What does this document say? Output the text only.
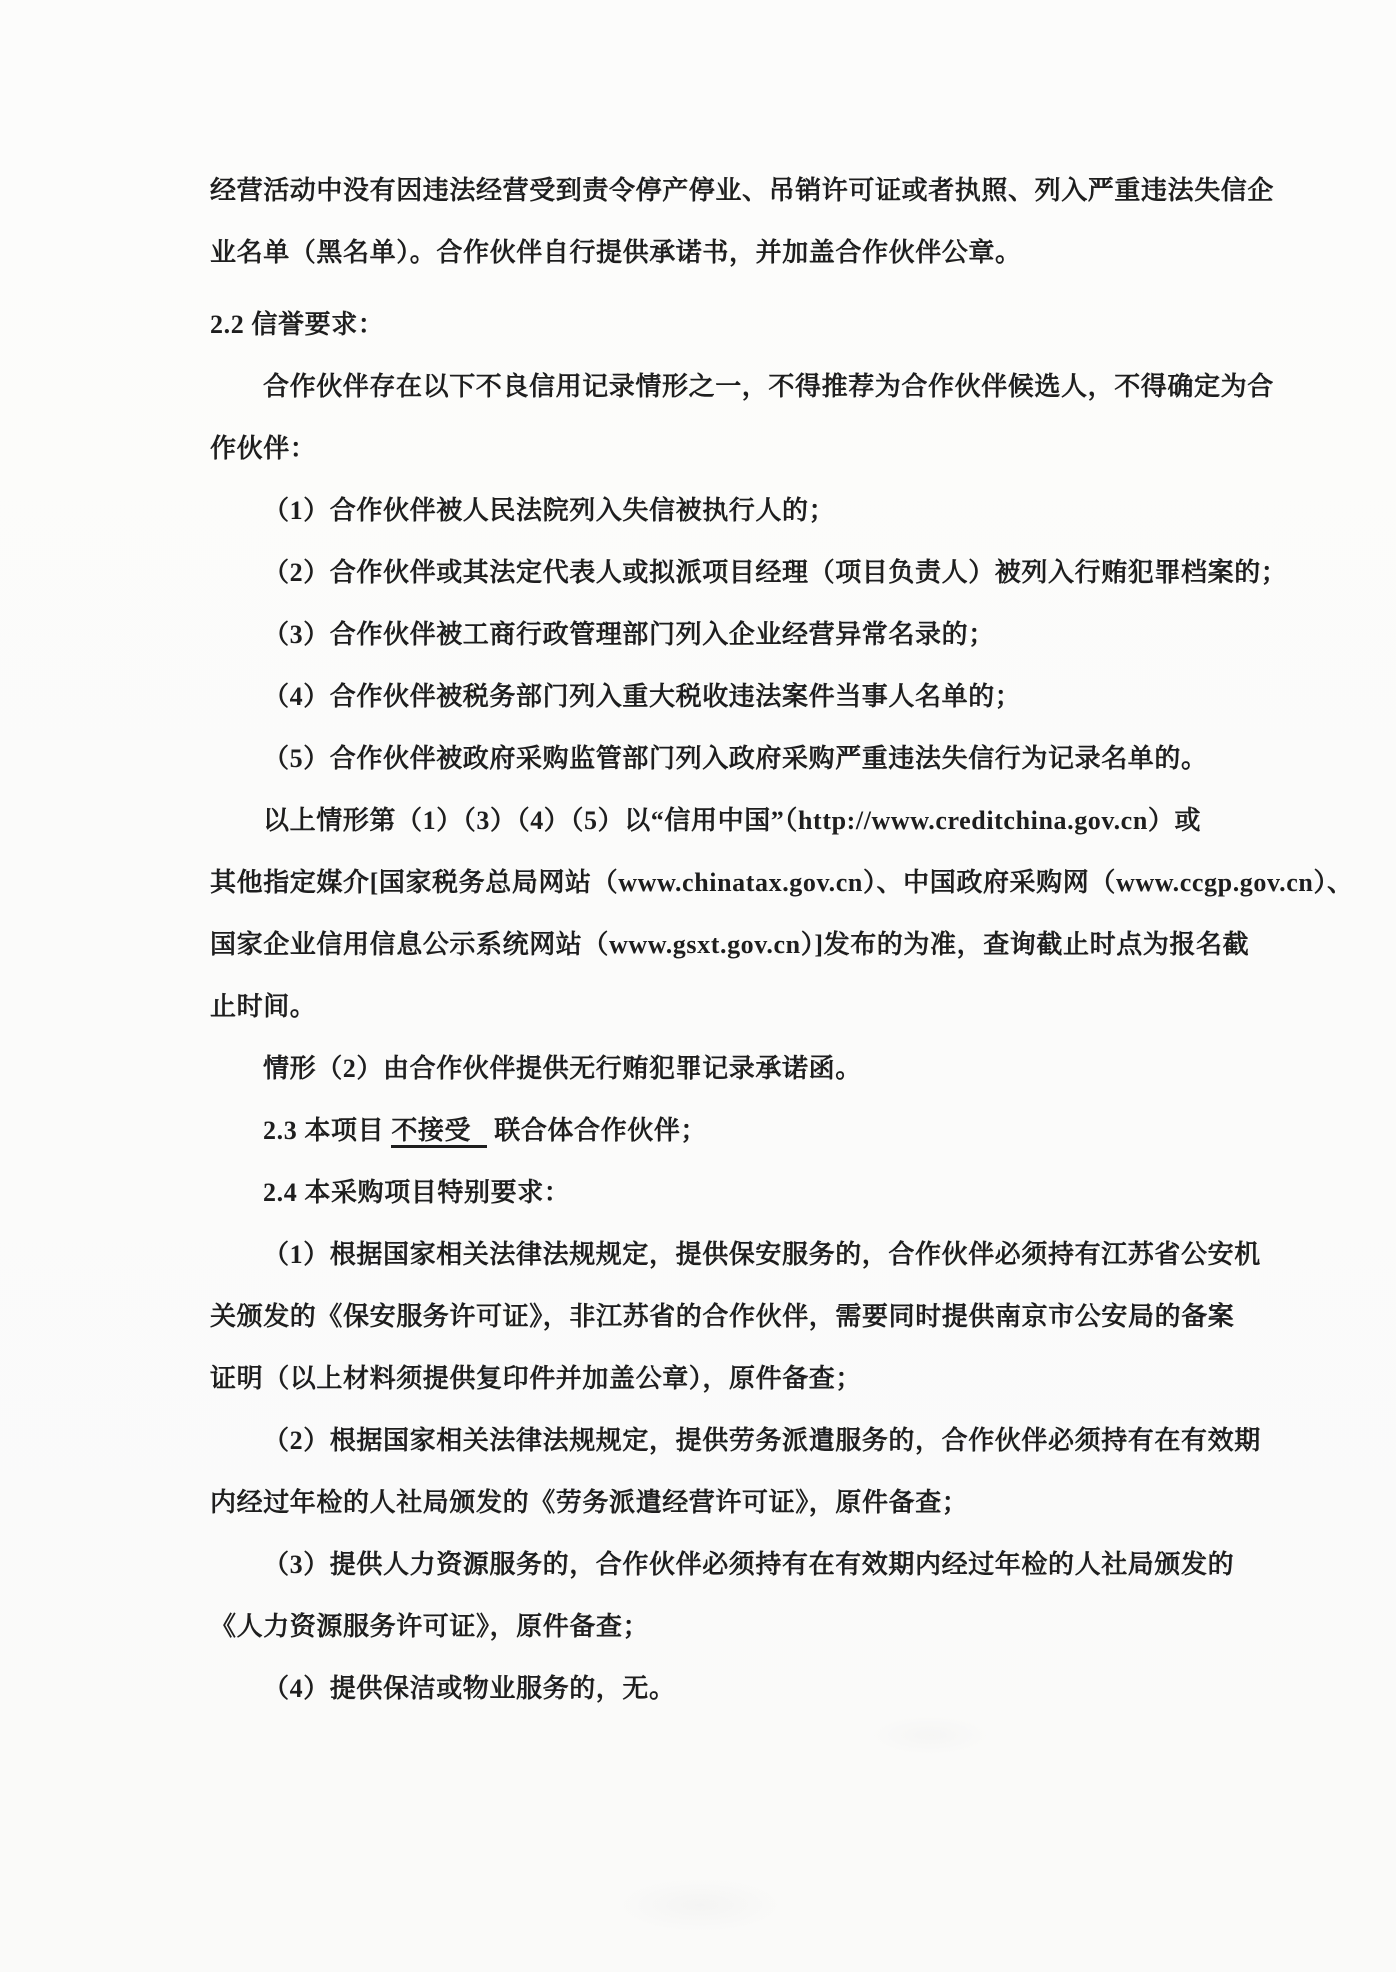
经营活动中没有因违法经营受到责令停产停业、吊销许可证或者执照、列入严重违法失信企
业名单（黑名单）。合作伙伴自行提供承诺书，并加盖合作伙伴公章。
2.2 信誉要求：
合作伙伴存在以下不良信用记录情形之一，不得推荐为合作伙伴候选人，不得确定为合
作伙伴：
（1）合作伙伴被人民法院列入失信被执行人的；
（2）合作伙伴或其法定代表人或拟派项目经理（项目负责人）被列入行贿犯罪档案的；
（3）合作伙伴被工商行政管理部门列入企业经营异常名录的；
（4）合作伙伴被税务部门列入重大税收违法案件当事人名单的；
（5）合作伙伴被政府采购监管部门列入政府采购严重违法失信行为记录名单的。
以上情形第（1）（3）（4）（5）以“信用中国”（http://www.creditchina.gov.cn）或
其他指定媒介[国家税务总局网站（www.chinatax.gov.cn）、中国政府采购网（www.ccgp.gov.cn）、
国家企业信用信息公示系统网站（www.gsxt.gov.cn）]发布的为准，查询截止时点为报名截
止时间。
情形（2）由合作伙伴提供无行贿犯罪记录承诺函。
2.3 本项目 不接受 联合体合作伙伴；
2.4 本采购项目特别要求：
（1）根据国家相关法律法规规定，提供保安服务的，合作伙伴必须持有江苏省公安机
关颁发的《保安服务许可证》，非江苏省的合作伙伴，需要同时提供南京市公安局的备案
证明（以上材料须提供复印件并加盖公章），原件备查；
（2）根据国家相关法律法规规定，提供劳务派遣服务的，合作伙伴必须持有在有效期
内经过年检的人社局颁发的《劳务派遣经营许可证》，原件备查；
（3）提供人力资源服务的，合作伙伴必须持有在有效期内经过年检的人社局颁发的
《人力资源服务许可证》，原件备查；
（4）提供保洁或物业服务的，无。
